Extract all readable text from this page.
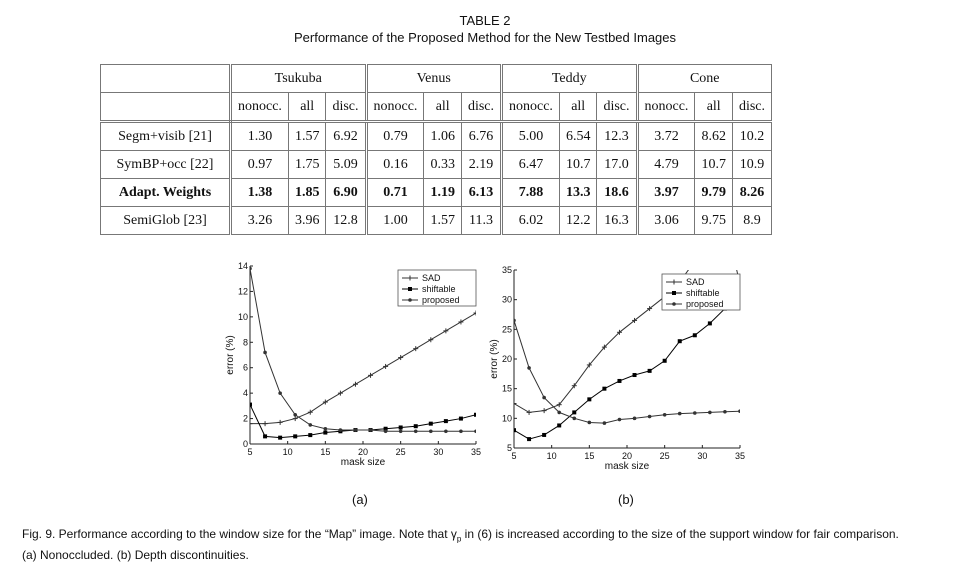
TABLE 2
Performance of the Proposed Method for the New Testbed Images
	Tsukuba			Venus			Teddy			Cone		
	nonocc.	all	disc.	nonocc.	all	disc.	nonocc.	all	disc.	nonocc.	all	disc.
Segm+visib [21]	1.30	1.57	6.92	0.79	1.06	6.76	5.00	6.54	12.3	3.72	8.62	10.2
SymBP+occ [22]	0.97	1.75	5.09	0.16	0.33	2.19	6.47	10.7	17.0	4.79	10.7	10.9
Adapt. Weights	1.38	1.85	6.90	0.71	1.19	6.13	7.88	13.3	18.6	3.97	9.79	8.26
SemiGlob [23]	3.26	3.96	12.8	1.00	1.57	11.3	6.02	12.2	16.3	3.06	9.75	8.9
5	10	15	20	25	30	35
0
2
4
6
8
10
12
14
mask size
error (%)
SAD
shiftable
proposed
5	10	15	20	25	30	35
5
10
15
20
25
30
35
mask size
error (%)
SAD
shiftable
proposed
(a)	(b)
Fig. 9. Performance according to the window size for the “Map” image. Note that $\gamma_p$ in (6) is increased according to the size of the support window for fair comparison.
(a) Nonoccluded. (b) Depth discontinuities.
